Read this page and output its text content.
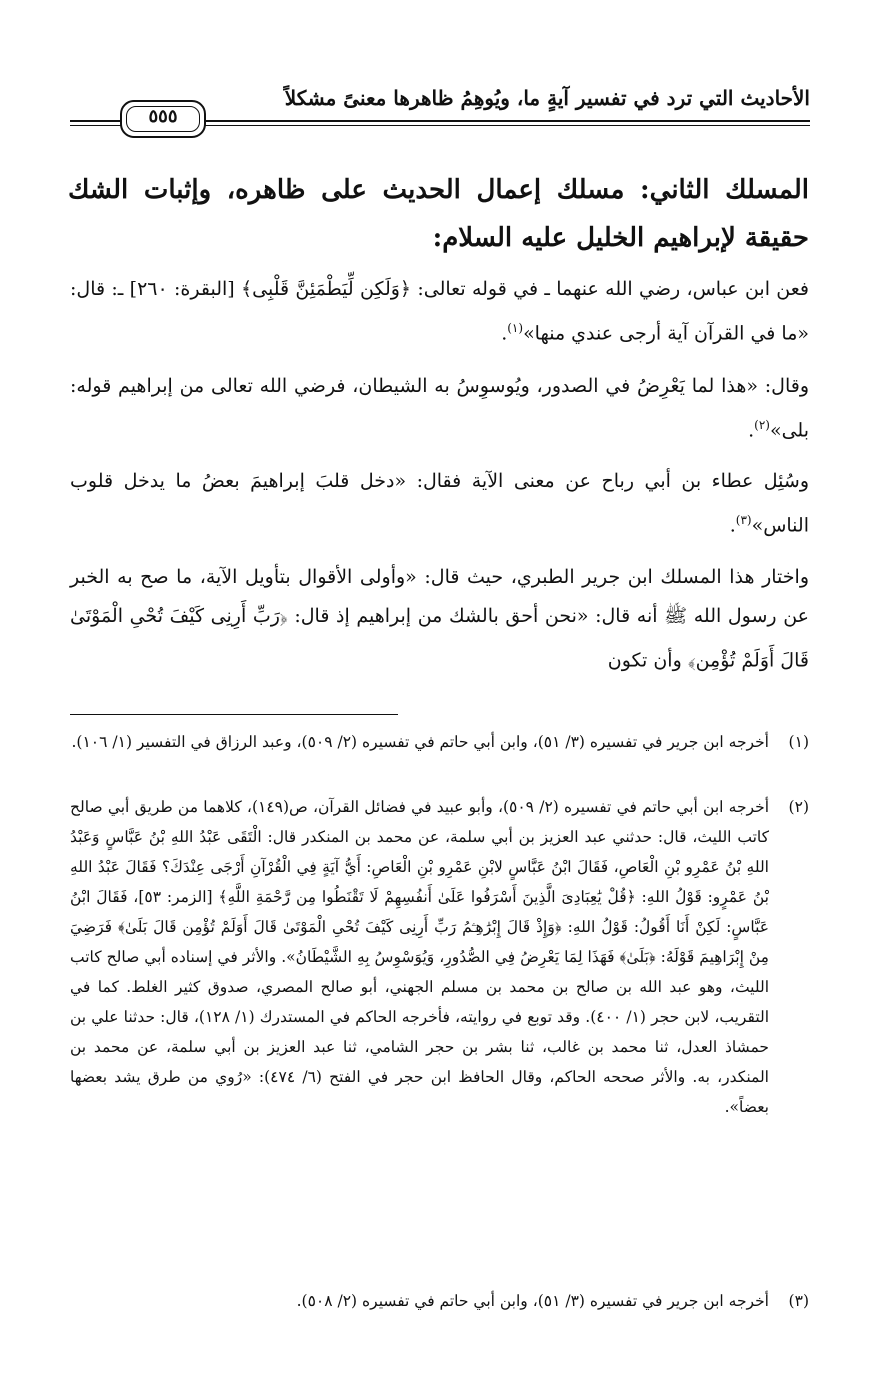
الأحاديث التي ترد في تفسير آيةٍ ما، ويُوهِمُ ظاهرها معنىً مشكلاً
٥٥٥
المسلك الثاني: مسلك إعمال الحديث على ظاهره، وإثبات الشك حقيقة لإبراهيم الخليل عليه السلام:
فعن ابن عباس، رضي الله عنهما ـ في قوله تعالى: ﴿وَلَكِن لِّيَطْمَئِنَّ قَلْبِى﴾ [البقرة: ٢٦٠] ـ: قال: «ما في القرآن آية أرجى عندي منها»$^{(١)}$.
وقال: «هذا لما يَعْرِضُ في الصدور، ويُوسوِسُ به الشيطان، فرضي الله تعالى من إبراهيم قوله: بلى»$^{(٢)}$.
وسُئِل عطاء بن أبي رباح عن معنى الآية فقال: «دخل قلبَ إبراهيمَ بعضُ ما يدخل قلوب الناس»$^{(٣)}$.
واختار هذا المسلك ابن جرير الطبري، حيث قال: «وأولى الأقوال بتأويل الآية، ما صح به الخبر عن رسول الله ﷺ أنه قال: «نحن أحق بالشك من إبراهيم إذ قال: ﴿رَبِّ أَرِنِى كَيْفَ تُحْىِ الْمَوْتَىٰ قَالَ أَوَلَمْ تُؤْمِن﴾ وأن تكون
(١)
أخرجه ابن جرير في تفسيره (٣/ ٥١)، وابن أبي حاتم في تفسيره (٢/ ٥٠٩)، وعبد الرزاق في التفسير (١/ ١٠٦).
(٢)
أخرجه ابن أبي حاتم في تفسيره (٢/ ٥٠٩)، وأبو عبيد في فضائل القرآن، ص(١٤٩)، كلاهما من طريق أبي صالح كاتب الليث، قال: حدثني عبد العزيز بن أبي سلمة، عن محمد بن المنكدر قال: الْتَقَى عَبْدُ اللهِ بْنُ عَبَّاسٍ وَعَبْدُ اللهِ بْنُ عَمْرِو بْنِ الْعَاصِ، فَقَالَ ابْنُ عَبَّاسٍ لابْنِ عَمْرِو بْنِ الْعَاصِ: أَيُّ آيَةٍ فِي الْقُرْآنِ أَرْجَى عِنْدَكَ؟ فَقَالَ عَبْدُ اللهِ بْنُ عَمْرٍو: قَوْلُ اللهِ: ﴿قُلْ يَٰعِبَادِىَ الَّذِينَ أَسْرَفُوا عَلَىٰ أَنفُسِهِمْ لَا تَقْنَطُوا مِن رَّحْمَةِ اللَّهِ﴾ [الزمر: ٥٣]، فَقَالَ ابْنُ عَبَّاسٍ: لَكِنْ أَنَا أَقُولُ: قَوْلُ اللهِ: ﴿وَإِذْ قَالَ إِبْرَٰهِـۧمُ رَبِّ أَرِنِى كَيْفَ تُحْىِ الْمَوْتَىٰ قَالَ أَوَلَمْ تُؤْمِن قَالَ بَلَىٰ﴾ فَرَضِيَ مِنْ إِبْرَاهِيمَ قَوْلَهُ: ﴿بَلَىٰ﴾ فَهَذَا لِمَا يَعْرِضُ فِي الصُّدُورِ، وَيُوَسْوِسُ بِهِ الشَّيْطَانُ». والأثر في إسناده أبي صالح كاتب الليث، وهو عبد الله بن صالح بن محمد بن مسلم الجهني، أبو صالح المصري، صدوق كثير الغلط. كما في التقريب، لابن حجر (١/ ٤٠٠). وقد توبع في روايته، فأخرجه الحاكم في المستدرك (١/ ١٢٨)، قال: حدثنا علي بن حمشاذ العدل، ثنا محمد بن غالب، ثنا بشر بن حجر الشامي، ثنا عبد العزيز بن أبي سلمة، عن محمد بن المنكدر، به. والأثر صححه الحاكم، وقال الحافظ ابن حجر في الفتح (٦/ ٤٧٤): «رُوي من طرق يشد بعضها بعضاً».
(٣)
أخرجه ابن جرير في تفسيره (٣/ ٥١)، وابن أبي حاتم في تفسيره (٢/ ٥٠٨).
